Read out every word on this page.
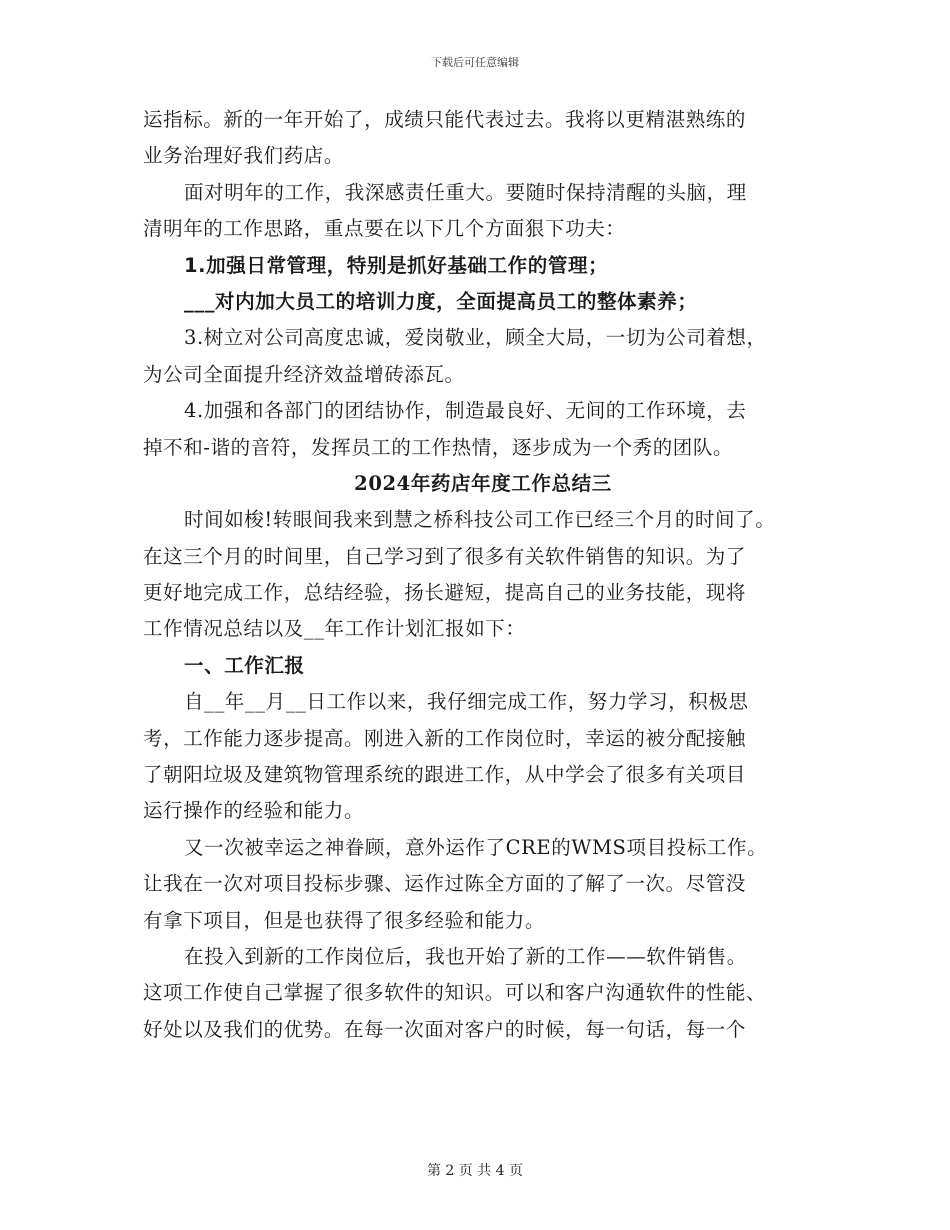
下载后可任意编辑
运指标。新的一年开始了，成绩只能代表过去。我将以更精湛熟练的
业务治理好我们药店。
面对明年的工作，我深感责任重大。要随时保持清醒的头脑，理
清明年的工作思路，重点要在以下几个方面狠下功夫：
1.加强日常管理，特别是抓好基础工作的管理；
___对内加大员工的培训力度，全面提高员工的整体素养；
3.树立对公司高度忠诚，爱岗敬业，顾全大局，一切为公司着想，
为公司全面提升经济效益增砖添瓦。
4.加强和各部门的团结协作，制造最良好、无间的工作环境，去
掉不和-谐的音符，发挥员工的工作热情，逐步成为一个秀的团队。
2024年药店年度工作总结三
时间如梭!转眼间我来到慧之桥科技公司工作已经三个月的时间了。
在这三个月的时间里，自己学习到了很多有关软件销售的知识。为了
更好地完成工作，总结经验，扬长避短，提高自己的业务技能，现将
工作情况总结以及__年工作计划汇报如下：
一、工作汇报
自__年__月__日工作以来，我仔细完成工作，努力学习，积极思
考，工作能力逐步提高。刚进入新的工作岗位时，幸运的被分配接触
了朝阳垃圾及建筑物管理系统的跟进工作，从中学会了很多有关项目
运行操作的经验和能力。
又一次被幸运之神眷顾，意外运作了CRE的WMS项目投标工作。
让我在一次对项目投标步骤、运作过陈全方面的了解了一次。尽管没
有拿下项目，但是也获得了很多经验和能力。
在投入到新的工作岗位后，我也开始了新的工作——软件销售。
这项工作使自己掌握了很多软件的知识。可以和客户沟通软件的性能、
好处以及我们的优势。在每一次面对客户的时候，每一句话，每一个
第 2 页 共 4 页
